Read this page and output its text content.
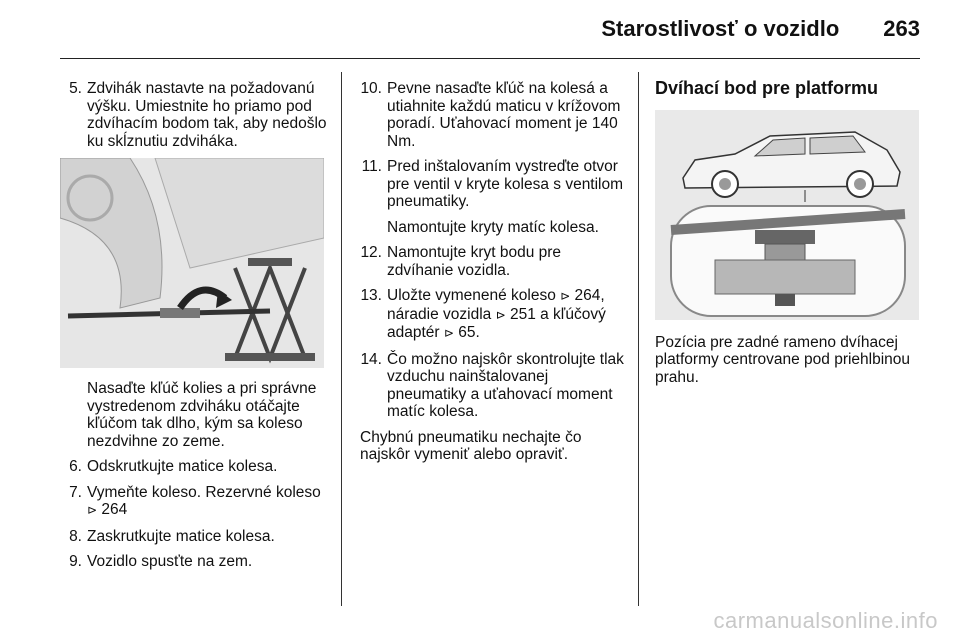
Starostlivosť o vozidlo 263
5. Zdvihák nastavte na požadovanú výšku. Umiestnite ho priamo pod zdvíhacím bodom tak, aby nedošlo ku skĺznutiu zdviháka.

Nasaďte kľúč kolies a pri správne vystredenom zdviháku otáčajte kľúčom tak dlho, kým sa koleso nezdvihne zo zeme.

6. Odskrutkujte matice kolesa.
7. Vymeňte koleso. Rezervné koleso ⊳ 264
8. Zaskrutkujte matice kolesa.
9. Vozidlo spusťte na zem.
10. Pevne nasaďte kľúč na kolesá a utiahnite každú maticu v krížovom poradí. Uťahovací moment je 140 Nm.
11. Pred inštalovaním vystreďte otvor pre ventil v kryte kolesa s ventilom pneumatiky.
Namontujte kryty matíc kolesa.
12. Namontujte kryt bodu pre zdvíhanie vozidla.
13. Uložte vymenené koleso ⊳ 264, náradie vozidla ⊳ 251 a kľúčový adaptér ⊳ 65.
14. Čo možno najskôr skontrolujte tlak vzduchu nainštalovanej pneumatiky a uťahovací moment matíc kolesa.

Chybnú pneumatiku nechajte čo najskôr vymeniť alebo opraviť.

Dvíhací bod pre platformu

Pozícia pre zadné rameno dvíhacej platformy centrovane pod priehlbinou prahu.

carmanualsonline.info
